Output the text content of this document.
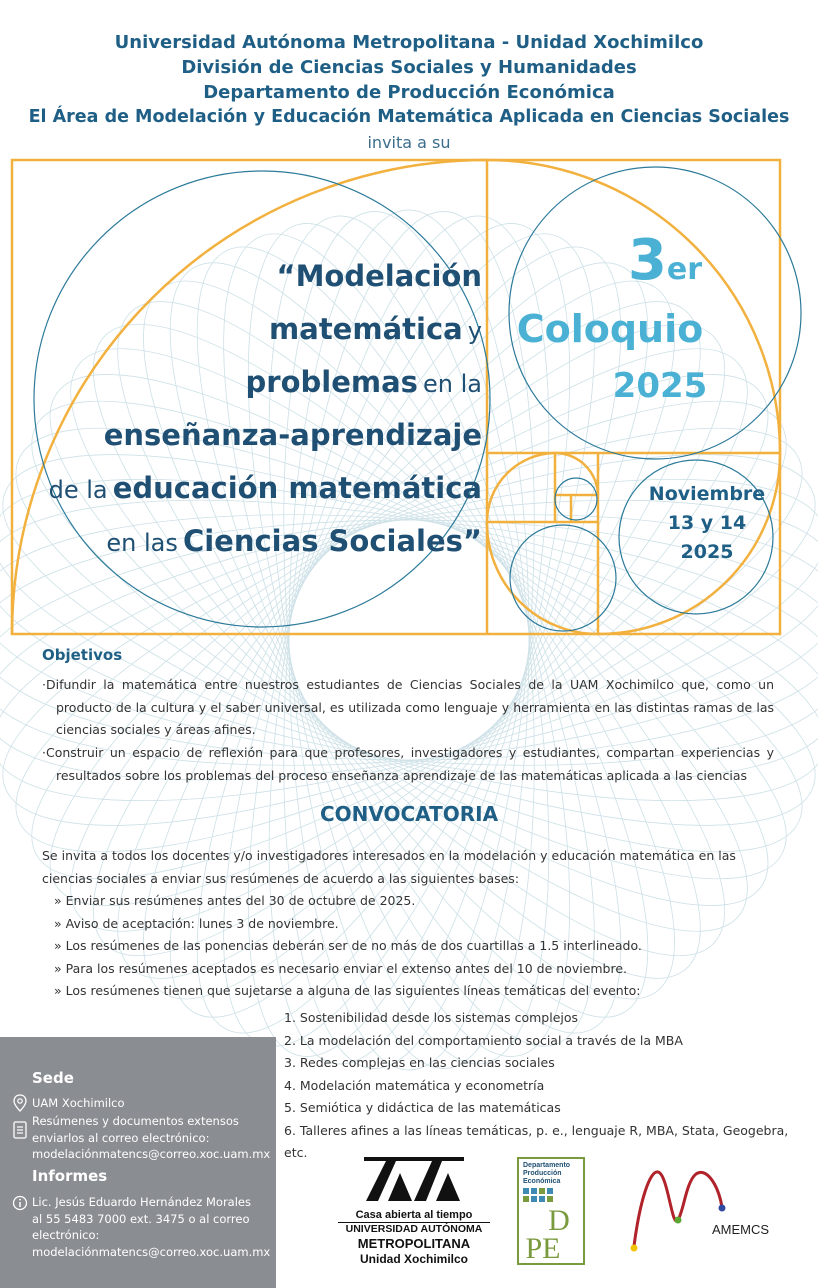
Universidad Autónoma Metropolitana - Unidad Xochimilco
División de Ciencias Sociales y Humanidades
Departamento de Producción Económica
El Área de Modelación y Educación Matemática Aplicada en Ciencias Sociales
invita a su
“Modelación
matemática y
problemas en la
enseñanza-aprendizaje
de la educación matemática
en las Ciencias Sociales”
3er
Coloquio
2025
Noviembre
13 y 14
2025
Objetivos
·Difundir la matemática entre nuestros estudiantes de Ciencias Sociales de la UAM Xochimilco que, como un producto de la cultura y el saber universal, es utilizada como lenguaje y herramienta en las distintas ramas de las ciencias sociales y áreas afines.
·Construir un espacio de reflexión para que profesores, investigadores y estudiantes, compartan experiencias y resultados sobre los problemas del proceso enseñanza aprendizaje de las matemáticas aplicada a las ciencias
CONVOCATORIA
Se invita a todos los docentes y/o investigadores interesados en la modelación y educación matemática en las ciencias sociales a enviar sus resúmenes de acuerdo a las siguientes bases:
» Enviar sus resúmenes antes del 30 de octubre de 2025.
» Aviso de aceptación: lunes 3 de noviembre.
» Los resúmenes de las ponencias deberán ser de no más de dos cuartillas a 1.5 interlineado.
» Para los resúmenes aceptados es necesario enviar el extenso antes del 10 de noviembre.
» Los resúmenes tienen que sujetarse a alguna de las siguientes líneas temáticas del evento:
1. Sostenibilidad desde los sistemas complejos
2. La modelación del comportamiento social a través de la MBA
3. Redes complejas en las ciencias sociales
4. Modelación matemática y econometría
5. Semiótica y didáctica de las matemáticas
6. Talleres afines a las líneas temáticas, p. e., lenguaje R, MBA, Stata, Geogebra, etc.
Sede
UAM Xochimilco
Resúmenes y documentos extensos enviarlos al correo electrónico:
modelaciónmatencs@correo.xoc.uam.mx
Informes
Lic. Jesús Eduardo Hernández Morales al 55 5483 7000 ext. 3475 o al correo electrónico:
modelaciónmatencs@correo.xoc.uam.mx
Casa abierta al tiempo
UNIVERSIDAD AUTÓNOMA
METROPOLITANA
Unidad Xochimilco
Departamento Producción Económica
D
PE
AMEMCS
